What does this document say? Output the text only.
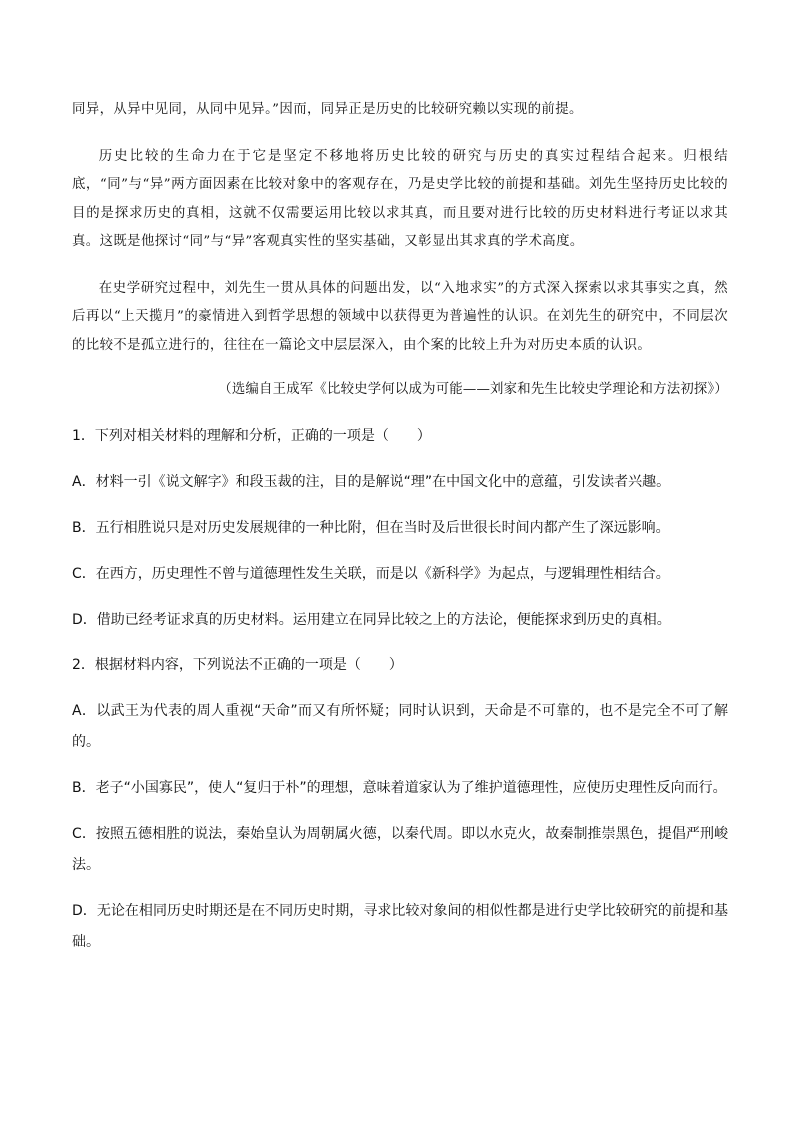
同异，从异中见同，从同中见异。”因而，同异正是历史的比较研究赖以实现的前提。

历史比较的生命力在于它是坚定不移地将历史比较的研究与历史的真实过程结合起来。归根结底，“同”与“异”两方面因素在比较对象中的客观存在，乃是史学比较的前提和基础。刘先生坚持历史比较的目的是探求历史的真相，这就不仅需要运用比较以求其真，而且要对进行比较的历史材料进行考证以求其真。这既是他探讨“同”与“异”客观真实性的坚实基础，又彰显出其求真的学术高度。

在史学研究过程中，刘先生一贯从具体的问题出发，以“入地求实”的方式深入探索以求其事实之真，然后再以“上天揽月”的豪情进入到哲学思想的领域中以获得更为普遍性的认识。在刘先生的研究中，不同层次的比较不是孤立进行的，往往在一篇论文中层层深入，由个案的比较上升为对历史本质的认识。

（选编自王成军《比较史学何以成为可能——刘家和先生比较史学理论和方法初探》）

1．下列对相关材料的理解和分析，正确的一项是（　　）

A．材料一引《说文解字》和段玉裁的注，目的是解说“理”在中国文化中的意蕴，引发读者兴趣。

B．五行相胜说只是对历史发展规律的一种比附，但在当时及后世很长时间内都产生了深远影响。

C．在西方，历史理性不曾与道德理性发生关联，而是以《新科学》为起点，与逻辑理性相结合。

D．借助已经考证求真的历史材料。运用建立在同异比较之上的方法论，便能探求到历史的真相。

2．根据材料内容，下列说法不正确的一项是（　　）

A．以武王为代表的周人重视“天命”而又有所怀疑；同时认识到，天命是不可靠的，也不是完全不可了解的。

B．老子“小国寡民”，使人“复归于朴”的理想，意味着道家认为了维护道德理性，应使历史理性反向而行。

C．按照五德相胜的说法，秦始皇认为周朝属火德，以秦代周。即以水克火，故秦制推崇黑色，提倡严刑峻法。

D．无论在相同历史时期还是在不同历史时期，寻求比较对象间的相似性都是进行史学比较研究的前提和基础。
